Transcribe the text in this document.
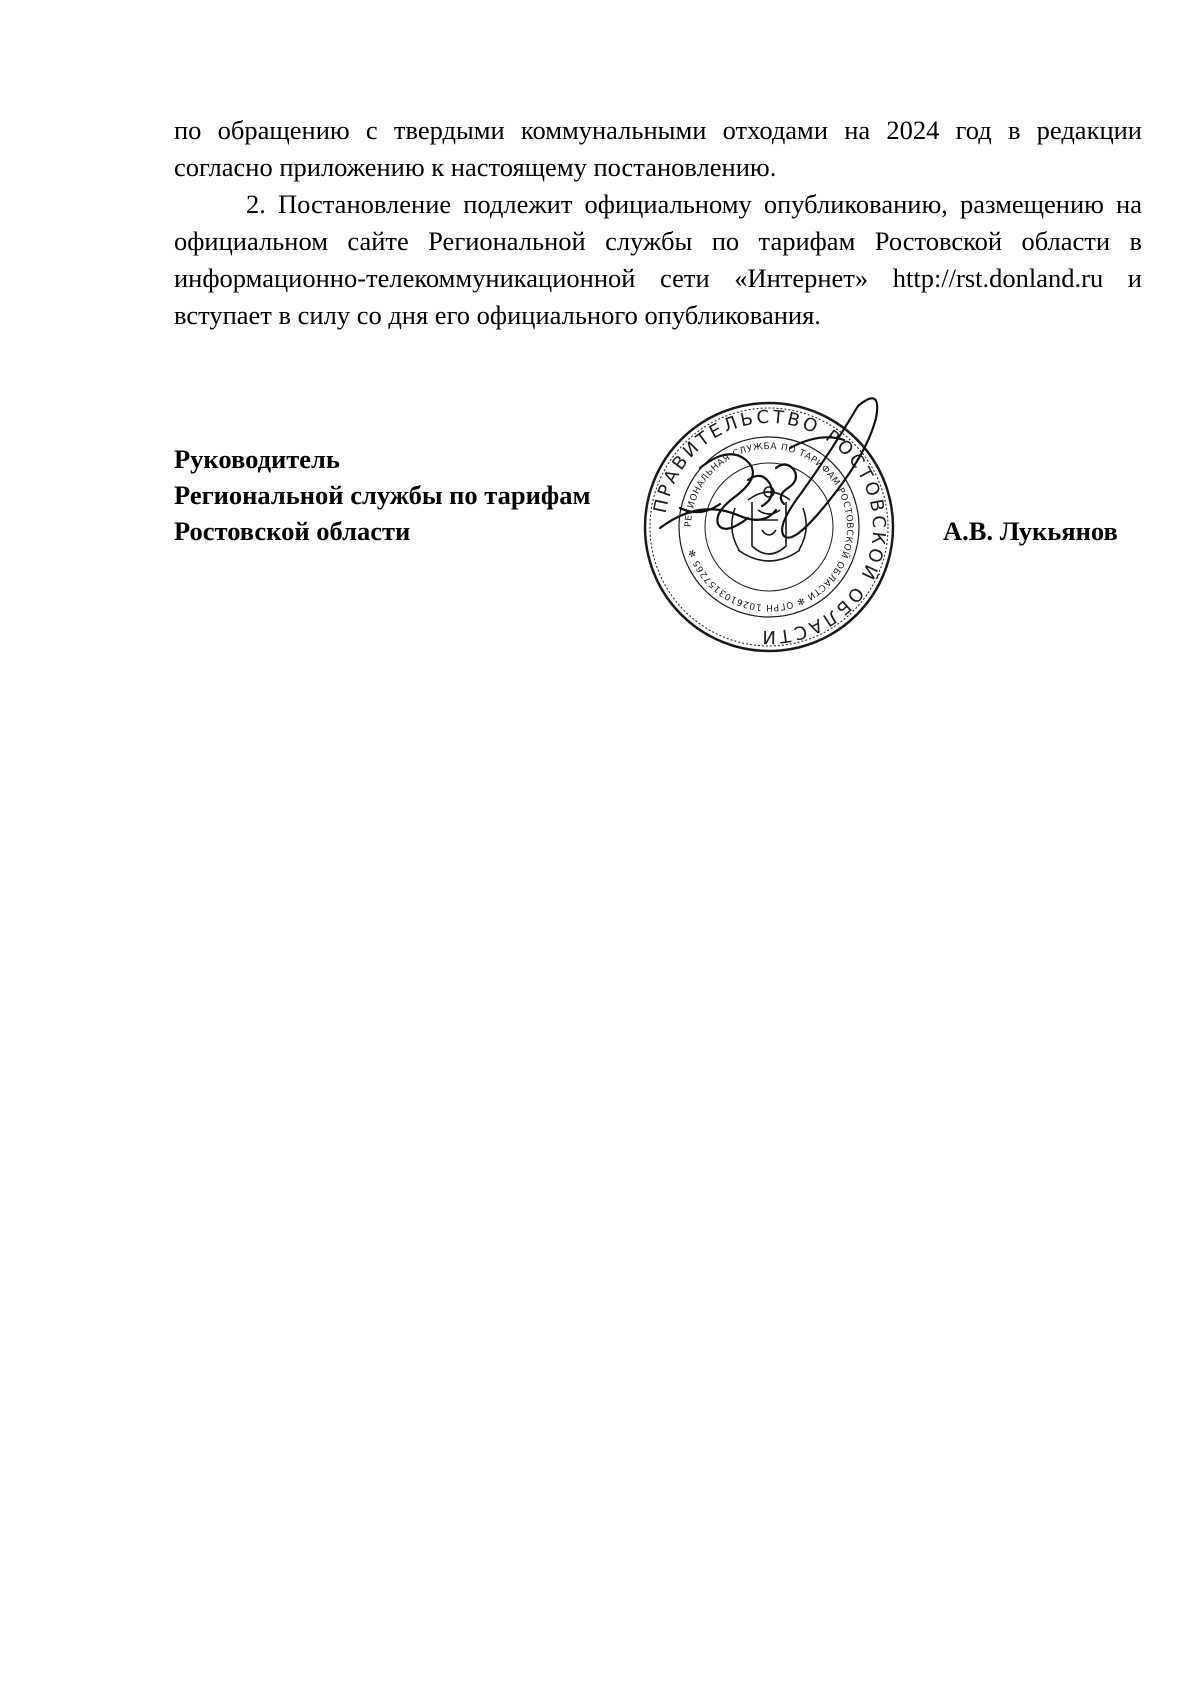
по обращению с твердыми коммунальными отходами на 2024 год в редакции согласно приложению к настоящему постановлению.

2. Постановление подлежит официальному опубликованию, размещению на официальном сайте Региональной службы по тарифам Ростовской области в информационно-телекоммуникационной сети «Интернет» http://rst.donland.ru и вступает в силу со дня его официального опубликования.

Руководитель
Региональной службы по тарифам
Ростовской области	А.В. Лукьянов
ПРАВИТЕЛЬСТВО РОСТОВСКОЙ ОБЛАСТИ
РЕГИОНАЛЬНАЯ СЛУЖБА ПО ТАРИФАМ РОСТОВСКОЙ ОБЛАСТИ ✻ ОГРН 1026103157265 ✻
